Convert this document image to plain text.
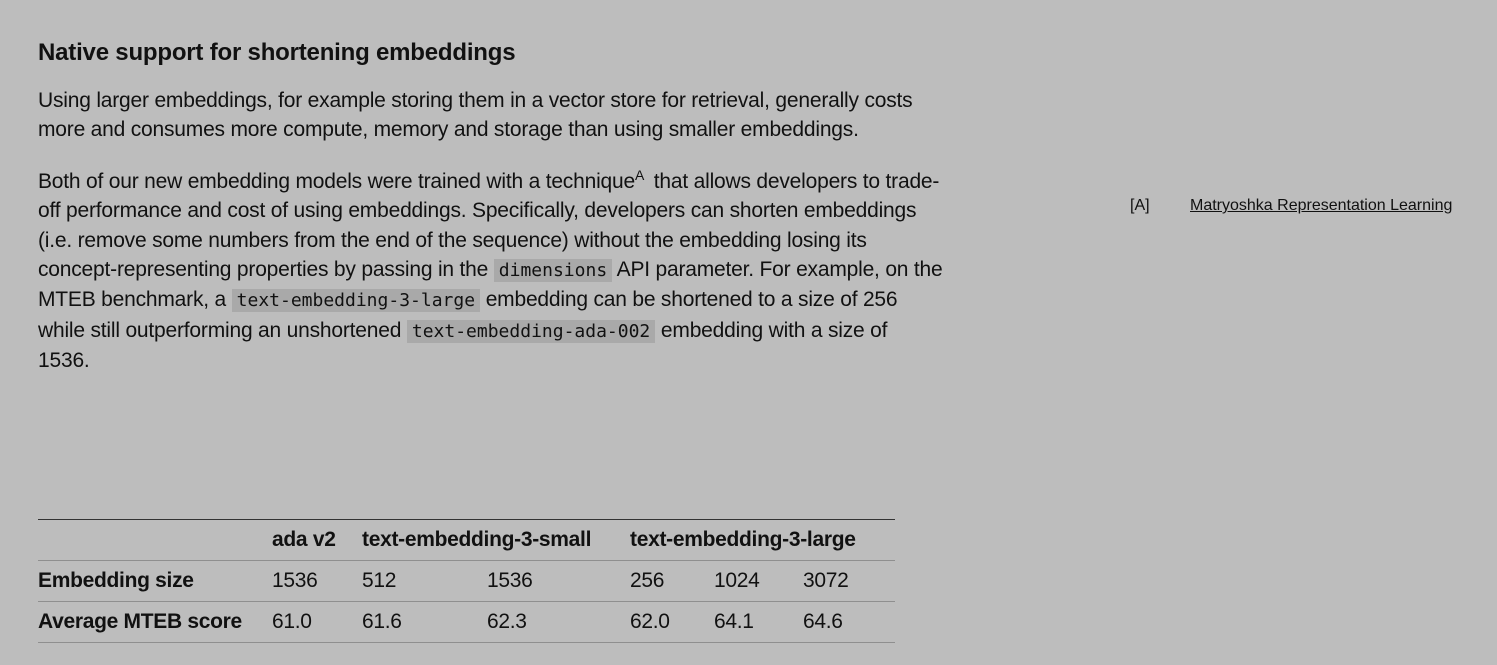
Native support for shortening embeddings

Using larger embeddings, for example storing them in a vector store for retrieval, generally costs more and consumes more compute, memory and storage than using smaller embeddings.

Both of our new embedding models were trained with a technique$^A$ that allows developers to trade-off performance and cost of using embeddings. Specifically, developers can shorten embeddings (i.e. remove some numbers from the end of the sequence) without the embedding losing its concept-representing properties by passing in the dimensions API parameter. For example, on the MTEB benchmark, a text-embedding-3-large embedding can be shortened to a size of 256 while still outperforming an unshortened text-embedding-ada-002 embedding with a size of 1536.

[A]	Matryoshka Representation Learning
	ada v2	text-embedding-3-small		text-embedding-3-large		
Embedding size	1536	512	1536	256	1024	3072
Average MTEB score	61.0	61.6	62.3	62.0	64.1	64.6
